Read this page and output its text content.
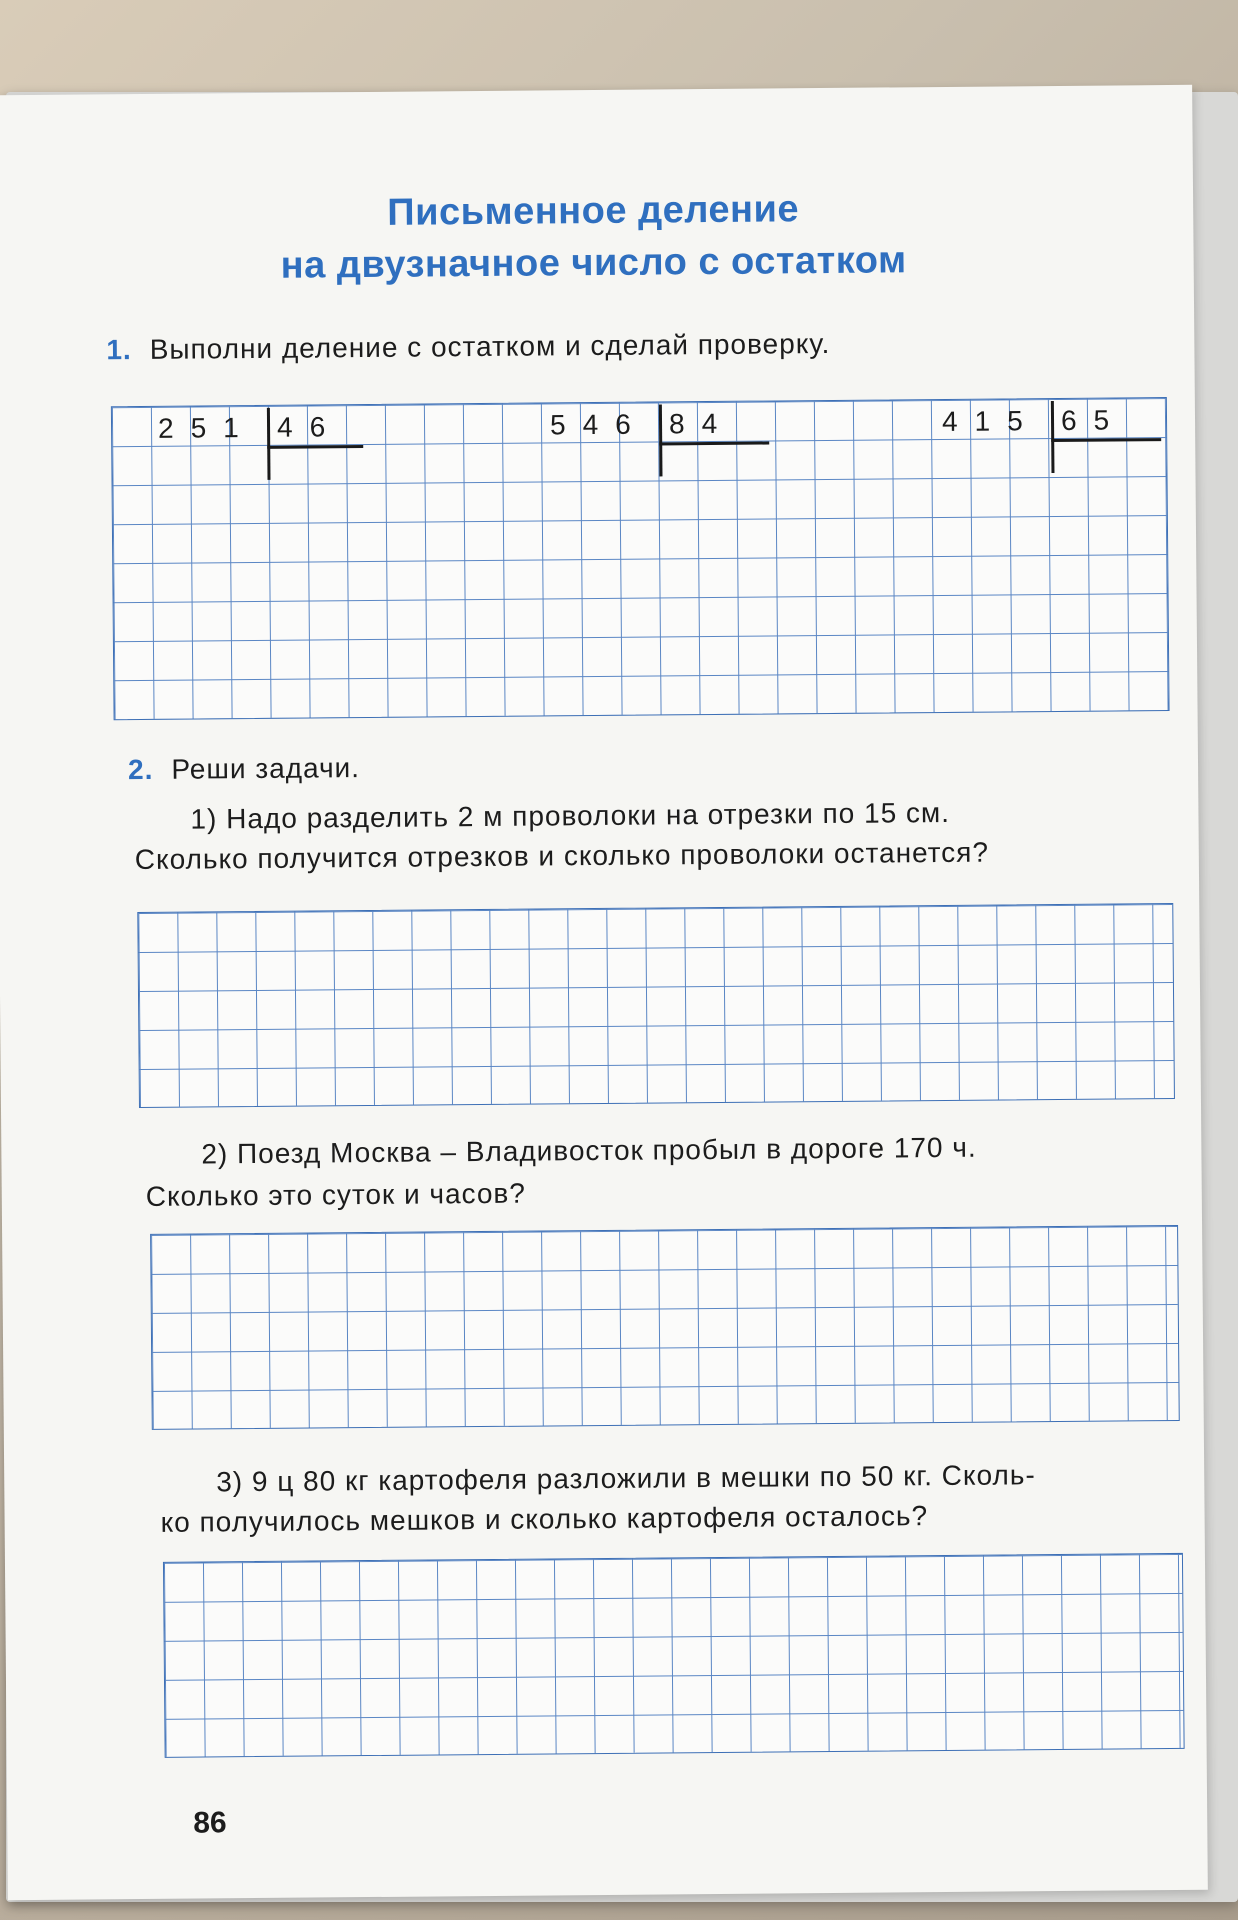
Письменное деление
на двузначное число с остатком
1. Выполни деление с остатком и сделай проверку.
251 46	546 84	415 65
2. Реши задачи.
1) Надо разделить 2 м проволоки на отрезки по 15 см.
Сколько получится отрезков и сколько проволоки останется?
2) Поезд Москва – Владивосток пробыл в дороге 170 ч.
Сколько это суток и часов?
3) 9 ц 80 кг картофеля разложили в мешки по 50 кг. Сколь-
ко получилось мешков и сколько картофеля осталось?
86
